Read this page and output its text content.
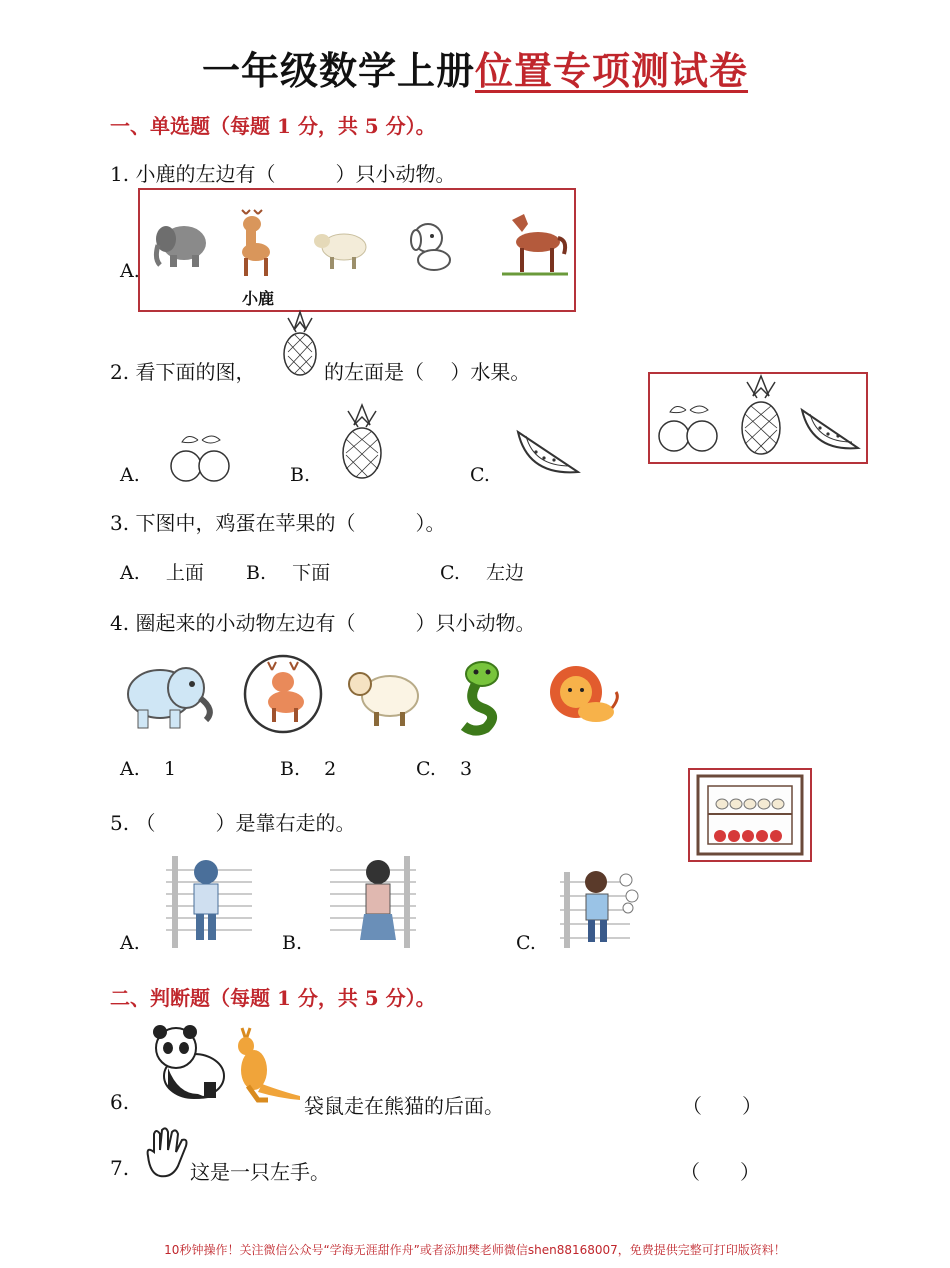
一年级数学上册位置专项测试卷
一、单选题（每题 1 分，共 5 分）。
1. 小鹿的左边有（　　　）只小动物。
A.
小鹿
2. 看下面的图，	的左面是（　 ）水果。
A.	B.	C.
3. 下图中，鸡蛋在苹果的（　　　）。
A. 上面 B. 下面	C. 左边
4. 圈起来的小动物左边有（　　　）只小动物。
A. 1	B. 2	C. 3
5. （　　　）是靠右走的。
A.	B.	C.
二、判断题（每题 1 分，共 5 分）。
6.	袋鼠走在熊猫的后面。	（　　）
7.	这是一只左手。	（　　）
10秒钟操作！关注微信公众号“学海无涯甜作舟”或者添加樊老师微信shen88168007，免费提供完整可打印版资料！
